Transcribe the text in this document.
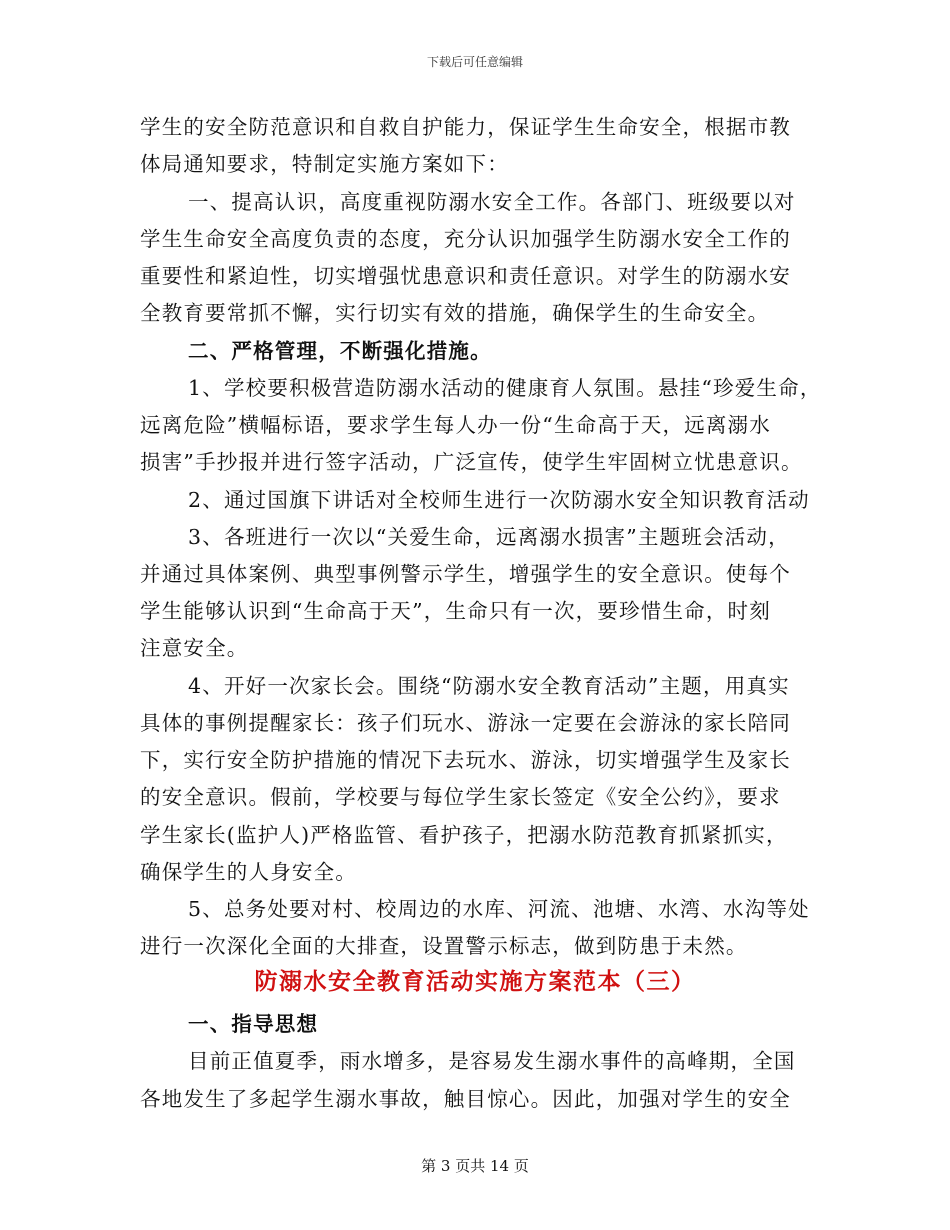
下载后可任意编辑
学生的安全防范意识和自救自护能力，保证学生生命安全，根据市教
体局通知要求，特制定实施方案如下：
一、提高认识，高度重视防溺水安全工作。各部门、班级要以对
学生生命安全高度负责的态度，充分认识加强学生防溺水安全工作的
重要性和紧迫性，切实增强忧患意识和责任意识。对学生的防溺水安
全教育要常抓不懈，实行切实有效的措施，确保学生的生命安全。
二、严格管理，不断强化措施。
1、学校要积极营造防溺水活动的健康育人氛围。悬挂“珍爱生命，
远离危险”横幅标语，要求学生每人办一份“生命高于天，远离溺水
损害”手抄报并进行签字活动，广泛宣传，使学生牢固树立忧患意识。
2、通过国旗下讲话对全校师生进行一次防溺水安全知识教育活动
3、各班进行一次以“关爱生命，远离溺水损害”主题班会活动，
并通过具体案例、典型事例警示学生，增强学生的安全意识。使每个
学生能够认识到“生命高于天”，生命只有一次，要珍惜生命，时刻
注意安全。
4、开好一次家长会。围绕“防溺水安全教育活动”主题，用真实
具体的事例提醒家长：孩子们玩水、游泳一定要在会游泳的家长陪同
下，实行安全防护措施的情况下去玩水、游泳，切实增强学生及家长
的安全意识。假前，学校要与每位学生家长签定《安全公约》，要求
学生家长(监护人)严格监管、看护孩子，把溺水防范教育抓紧抓实，
确保学生的人身安全。
5、总务处要对村、校周边的水库、河流、池塘、水湾、水沟等处
进行一次深化全面的大排查，设置警示标志，做到防患于未然。
防溺水安全教育活动实施方案范本（三）
一、指导思想
目前正值夏季，雨水增多，是容易发生溺水事件的高峰期，全国
各地发生了多起学生溺水事故，触目惊心。因此，加强对学生的安全
第 3 页共 14 页
